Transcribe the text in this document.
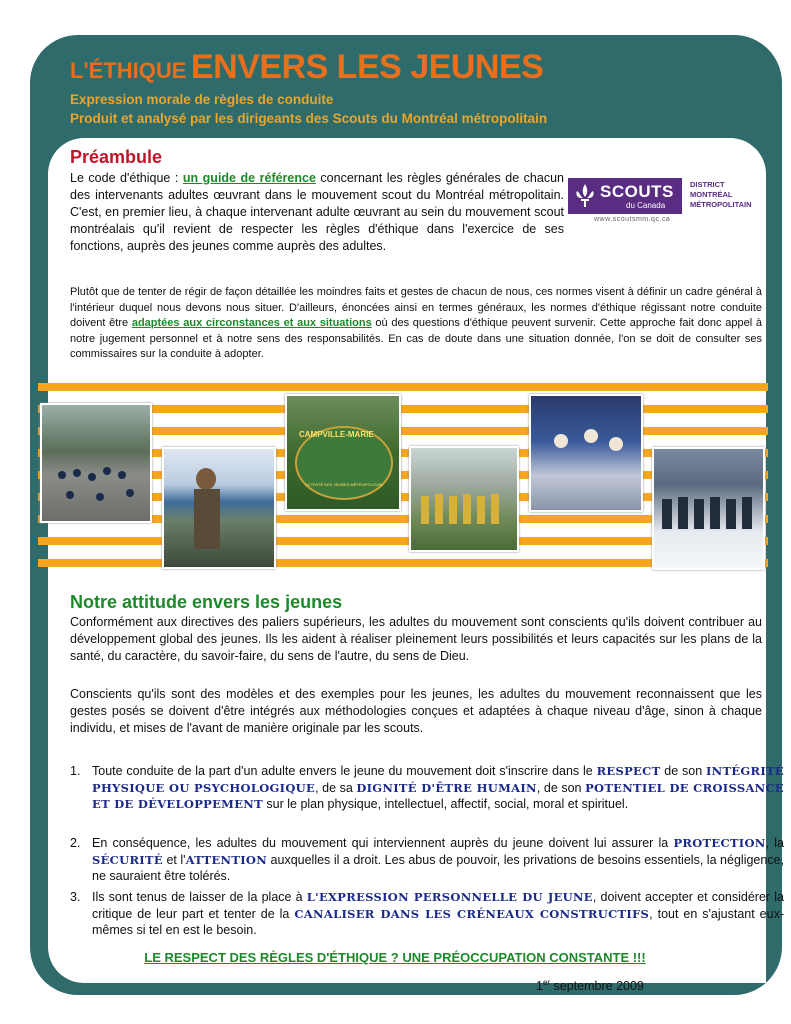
L'ÉTHIQUE ENVERS LES JEUNES
Expression morale de règles de conduite
Produit et analysé par les dirigeants des Scouts du Montréal métropolitain
Préambule
Le code d'éthique : un guide de référence concernant les règles générales de chacun des intervenants adultes œuvrant dans le mouvement scout du Montréal métropolitain. C'est, en premier lieu, à chaque intervenant adulte œuvrant au sein du mouvement scout montréalais qu'il revient de respecter les règles d'éthique dans l'exercice de ses fonctions, auprès des jeunes comme auprès des adultes.
SCOUTS
du Canada
www.scoutsmm.qc.ca
DISTRICT
MONTRÉAL
MÉTROPOLITAIN
Plutôt que de tenter de régir de façon détaillée les moindres faits et gestes de chacun de nous, ces normes visent à définir un cadre général à l'intérieur duquel nous devons nous situer. D'ailleurs, énoncées ainsi en termes généraux, les normes d'éthique régissant notre conduite doivent être adaptées aux circonstances et aux situations où des questions d'éthique peuvent survenir. Cette approche fait donc appel à notre jugement personnel et à notre sens des responsabilités. En cas de doute dans une situation donnée, l'on se doit de consulter ses commissaires sur la conduite à adopter.
CAMPVILLE-MARIE
ACTIVITÉ DES JEUNES MÉTROPOLITAIN
Notre attitude envers les jeunes
Conformément aux directives des paliers supérieurs, les adultes du mouvement sont conscients qu'ils doivent contribuer au développement global des jeunes. Ils les aident à réaliser pleinement leurs possibilités et leurs capacités sur les plans de la santé, du caractère, du savoir-faire, du sens de l'autre, du sens de Dieu.
Conscients qu'ils sont des modèles et des exemples pour les jeunes, les adultes du mouvement reconnaissent que les gestes posés se doivent d'être intégrés aux méthodologies conçues et adaptées à chaque niveau d'âge, sinon à chaque individu, et mises de l'avant de manière originale par les scouts.
1. Toute conduite de la part d'un adulte envers le jeune du mouvement doit s'inscrire dans le RESPECT de son INTÉGRITÉ PHYSIQUE OU PSYCHOLOGIQUE, de sa DIGNITÉ D'ÊTRE HUMAIN, de son POTENTIEL DE CROISSANCE ET DE DÉVELOPPEMENT sur le plan physique, intellectuel, affectif, social, moral et spirituel.
2. En conséquence, les adultes du mouvement qui interviennent auprès du jeune doivent lui assurer la PROTECTION, la SÉCURITÉ et l'ATTENTION auxquelles il a droit. Les abus de pouvoir, les privations de besoins essentiels, la négligence, ne sauraient être tolérés.
3. Ils sont tenus de laisser de la place à L'EXPRESSION PERSONNELLE DU JEUNE, doivent accepter et considérer la critique de leur part et tenter de la CANALISER DANS LES CRÉNEAUX CONSTRUCTIFS, tout en s'ajustant eux-mêmes si tel en est le besoin.
LE RESPECT DES RÈGLES D'ÉTHIQUE ? UNE PRÉOCCUPATION CONSTANTE !!!
1er septembre 2009
